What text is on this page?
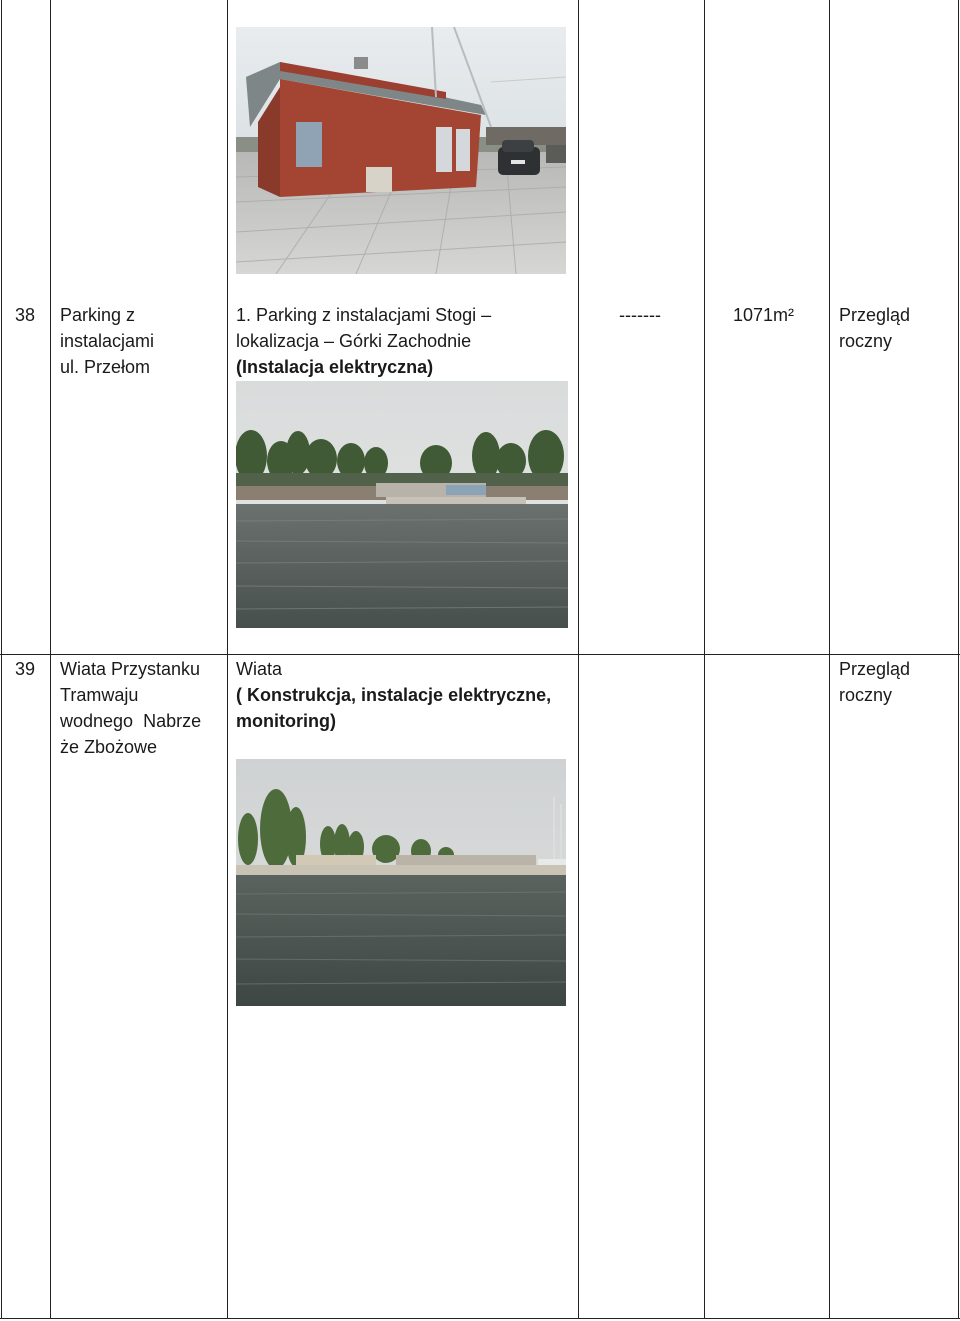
38 Parking z
instalacjami
ul. Przełom
1. Parking z instalacjami Stogi –
lokalizacja – Górki Zachodnie
(Instalacja elektryczna)
-------	1071m² Przegląd
roczny
39 Wiata Przystanku
Tramwaju
wodnego  Nabrze
że Zbożowe
Wiata
( Konstrukcja, instalacje elektryczne,
monitoring)
Przegląd
roczny
